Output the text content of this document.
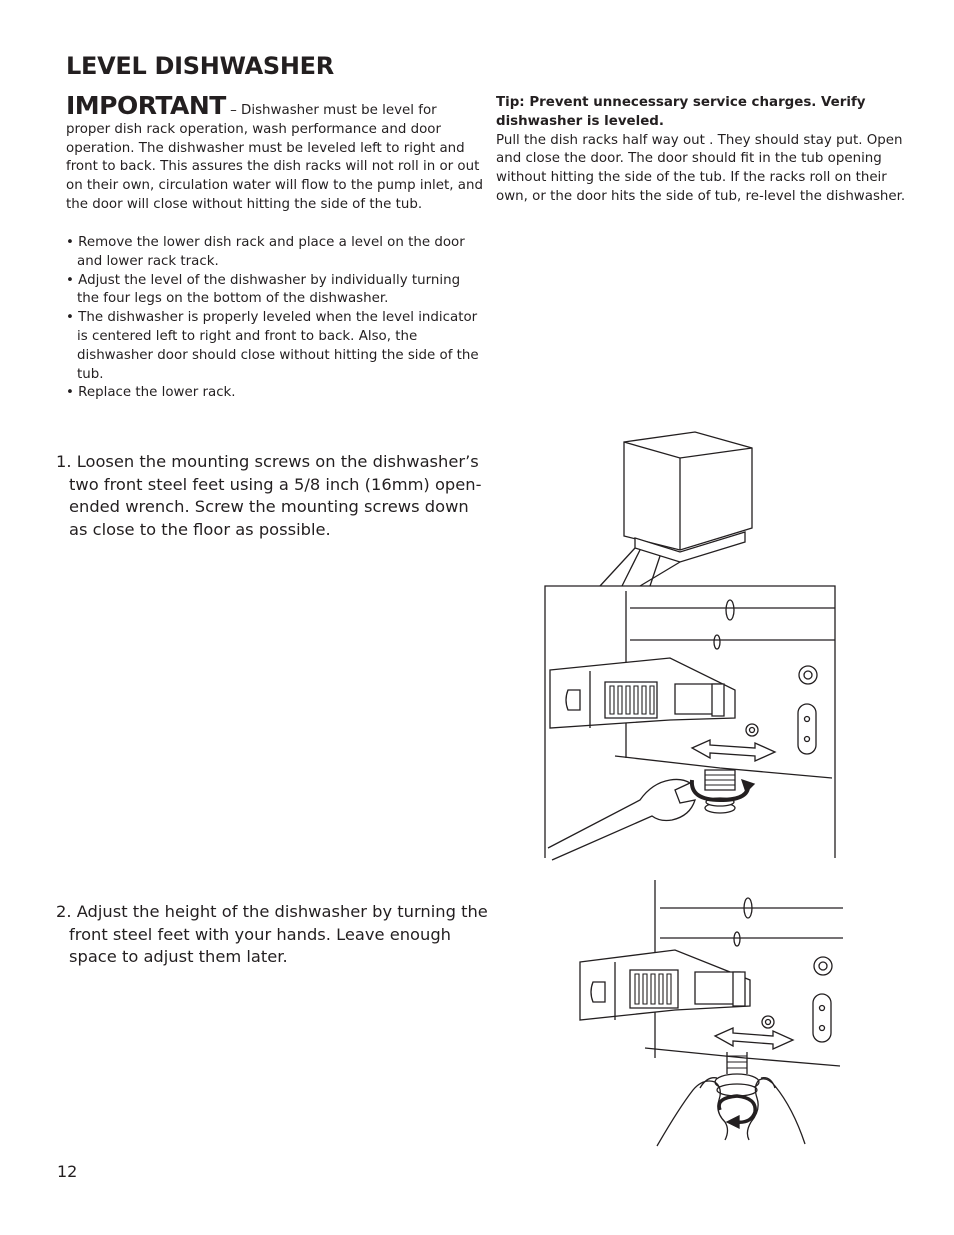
LEVEL DISHWASHER
IMPORTANT – Dishwasher must be level for proper dish rack operation, wash performance and door operation. The dishwasher must be leveled left to right and front to back. This assures the dish racks will not roll in or out on their own, circulation water will flow to the pump inlet, and the door will close without hitting the side of the tub.
• Remove the lower dish rack and place a level on the door and lower rack track.
• Adjust the level of the dishwasher by individually turning the four legs on the bottom of the dishwasher.
• The dishwasher is properly leveled when the level indicator is centered left to right and front to back. Also, the dishwasher door should close without hitting the side of the tub.
• Replace the lower rack.
Tip: Prevent unnecessary service charges. Verify dishwasher is leveled.
Pull the dish racks half way out . They should stay put. Open and close the door. The door should fit in the tub opening without hitting the side of the tub. If the racks roll on their own, or the door hits the side of tub, re-level the dishwasher.
1. Loosen the mounting screws on the dishwasher’s two front steel feet using a 5/8 inch (16mm) open-ended wrench. Screw the mounting screws down as close to the floor as possible.
2. Adjust the height of the dishwasher by turning the front steel feet with your hands. Leave enough space to adjust them later.
12
